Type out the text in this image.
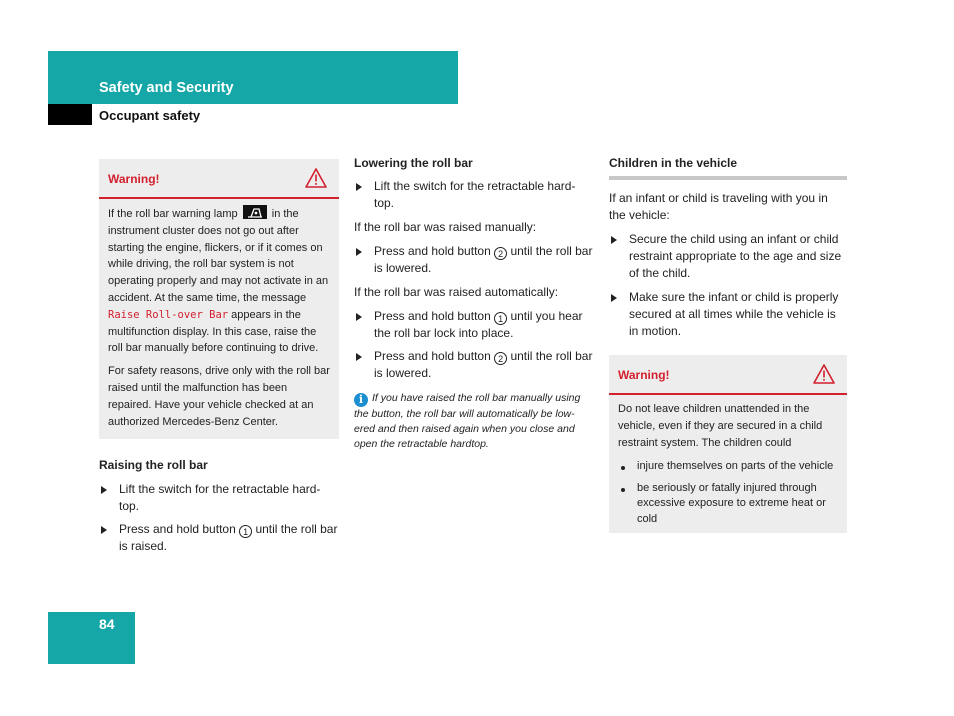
Safety and Security
Occupant safety
Warning!

If the roll bar warning lamp	in the instrument cluster does not go out after starting the engine, flickers, or if it comes on while driving, the roll bar system is not operating properly and may not activate in an accident. At the same time, the message Raise Roll-over Bar appears in the multifunction display. In this case, raise the roll bar manually before continuing to drive.

For safety reasons, drive only with the roll bar raised until the malfunction has been repaired. Have your vehicle checked at an authorized Mercedes-Benz Center.

Raising the roll bar

Lift the switch for the retractable hard-top.

Press and hold button 1 until the roll bar is raised.

Lowering the roll bar

Lift the switch for the retractable hard-top.

If the roll bar was raised manually:

Press and hold button 2 until the roll bar is lowered.

If the roll bar was raised automatically:

Press and hold button 1 until you hear the roll bar lock into place.

Press and hold button 2 until the roll bar is lowered.

i If you have raised the roll bar manually using the button, the roll bar will automatically be low-ered and then raised again when you close and open the retractable hardtop.

Children in the vehicle

If an infant or child is traveling with you in the vehicle:

Secure the child using an infant or child restraint appropriate to the age and size of the child.

Make sure the infant or child is properly secured at all times while the vehicle is in motion.

Warning!

Do not leave children unattended in the vehicle, even if they are secured in a child restraint system. The children could

injure themselves on parts of the vehicle

be seriously or fatally injured through excessive exposure to extreme heat or cold

84
